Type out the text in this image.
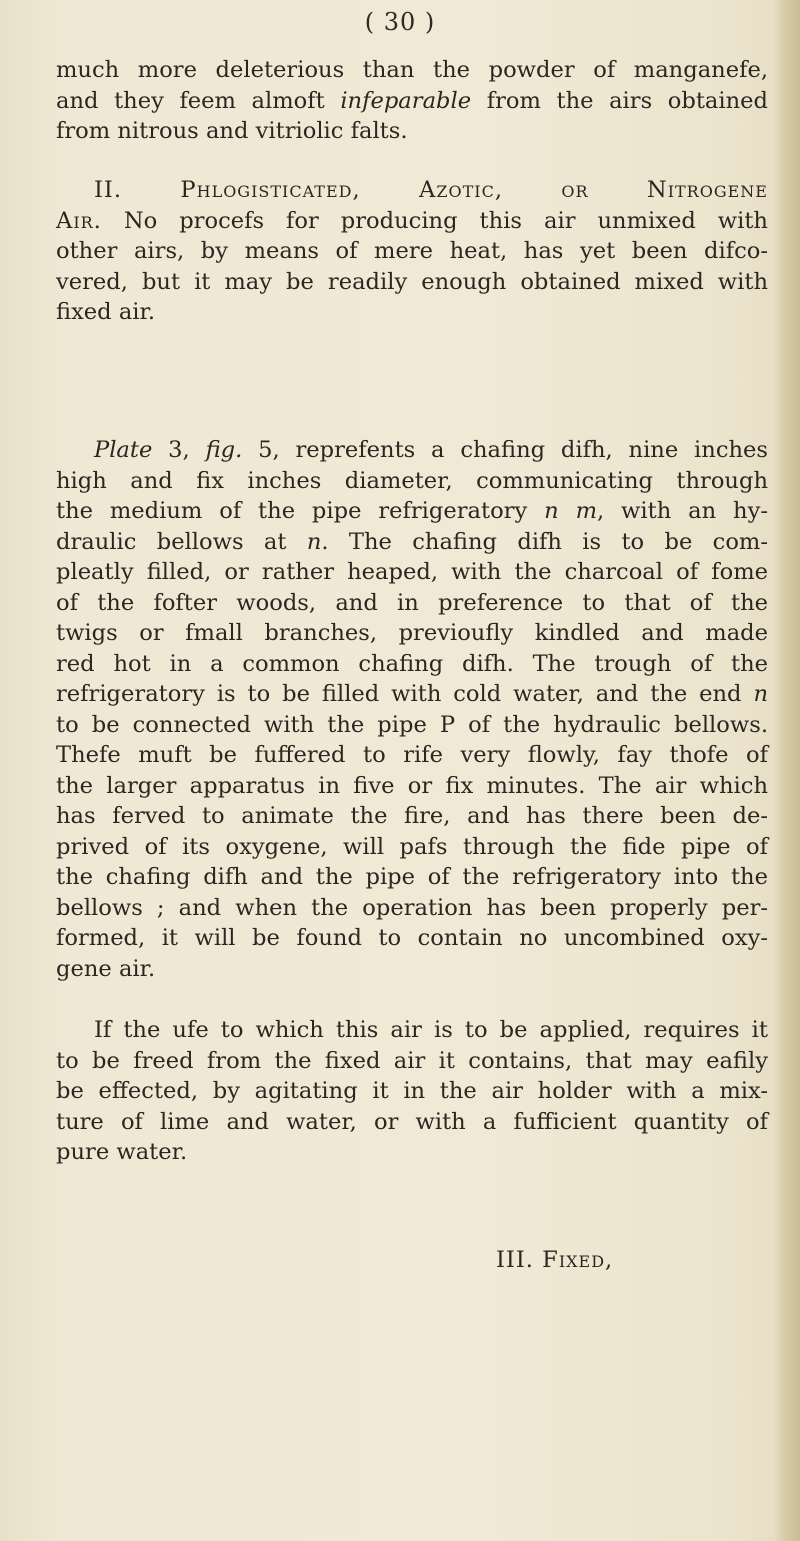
( 30 )

much more deleterious than the powder of manganefe,
and they feem almoft infeparable from the airs obtained
from nitrous and vitriolic falts.

II. Phlogisticated, Azotic, or Nitrogene
Air. No procefs for producing this air unmixed with
other airs, by means of mere heat, has yet been difco-
vered, but it may be readily enough obtained mixed with
fixed air.

Plate 3, fig. 5, reprefents a chafing difh, nine inches
high and fix inches diameter, communicating through
the medium of the pipe refrigeratory n m, with an hy-
draulic bellows at n. The chafing difh is to be com-
pleatly filled, or rather heaped, with the charcoal of fome
of the fofter woods, and in preference to that of the
twigs or fmall branches, previoufly kindled and made
red hot in a common chafing difh. The trough of the
refrigeratory is to be filled with cold water, and the end n
to be connected with the pipe P of the hydraulic bellows.
Thefe muft be fuffered to rife very flowly, fay thofe of
the larger apparatus in five or fix minutes. The air which
has ferved to animate the fire, and has there been de-
prived of its oxygene, will pafs through the fide pipe of
the chafing difh and the pipe of the refrigeratory into the
bellows ; and when the operation has been properly per-
formed, it will be found to contain no uncombined oxy-
gene air.

If the ufe to which this air is to be applied, requires it
to be freed from the fixed air it contains, that may eafily
be effected, by agitating it in the air holder with a mix-
ture of lime and water, or with a fufficient quantity of
pure water.

III. Fixed,
